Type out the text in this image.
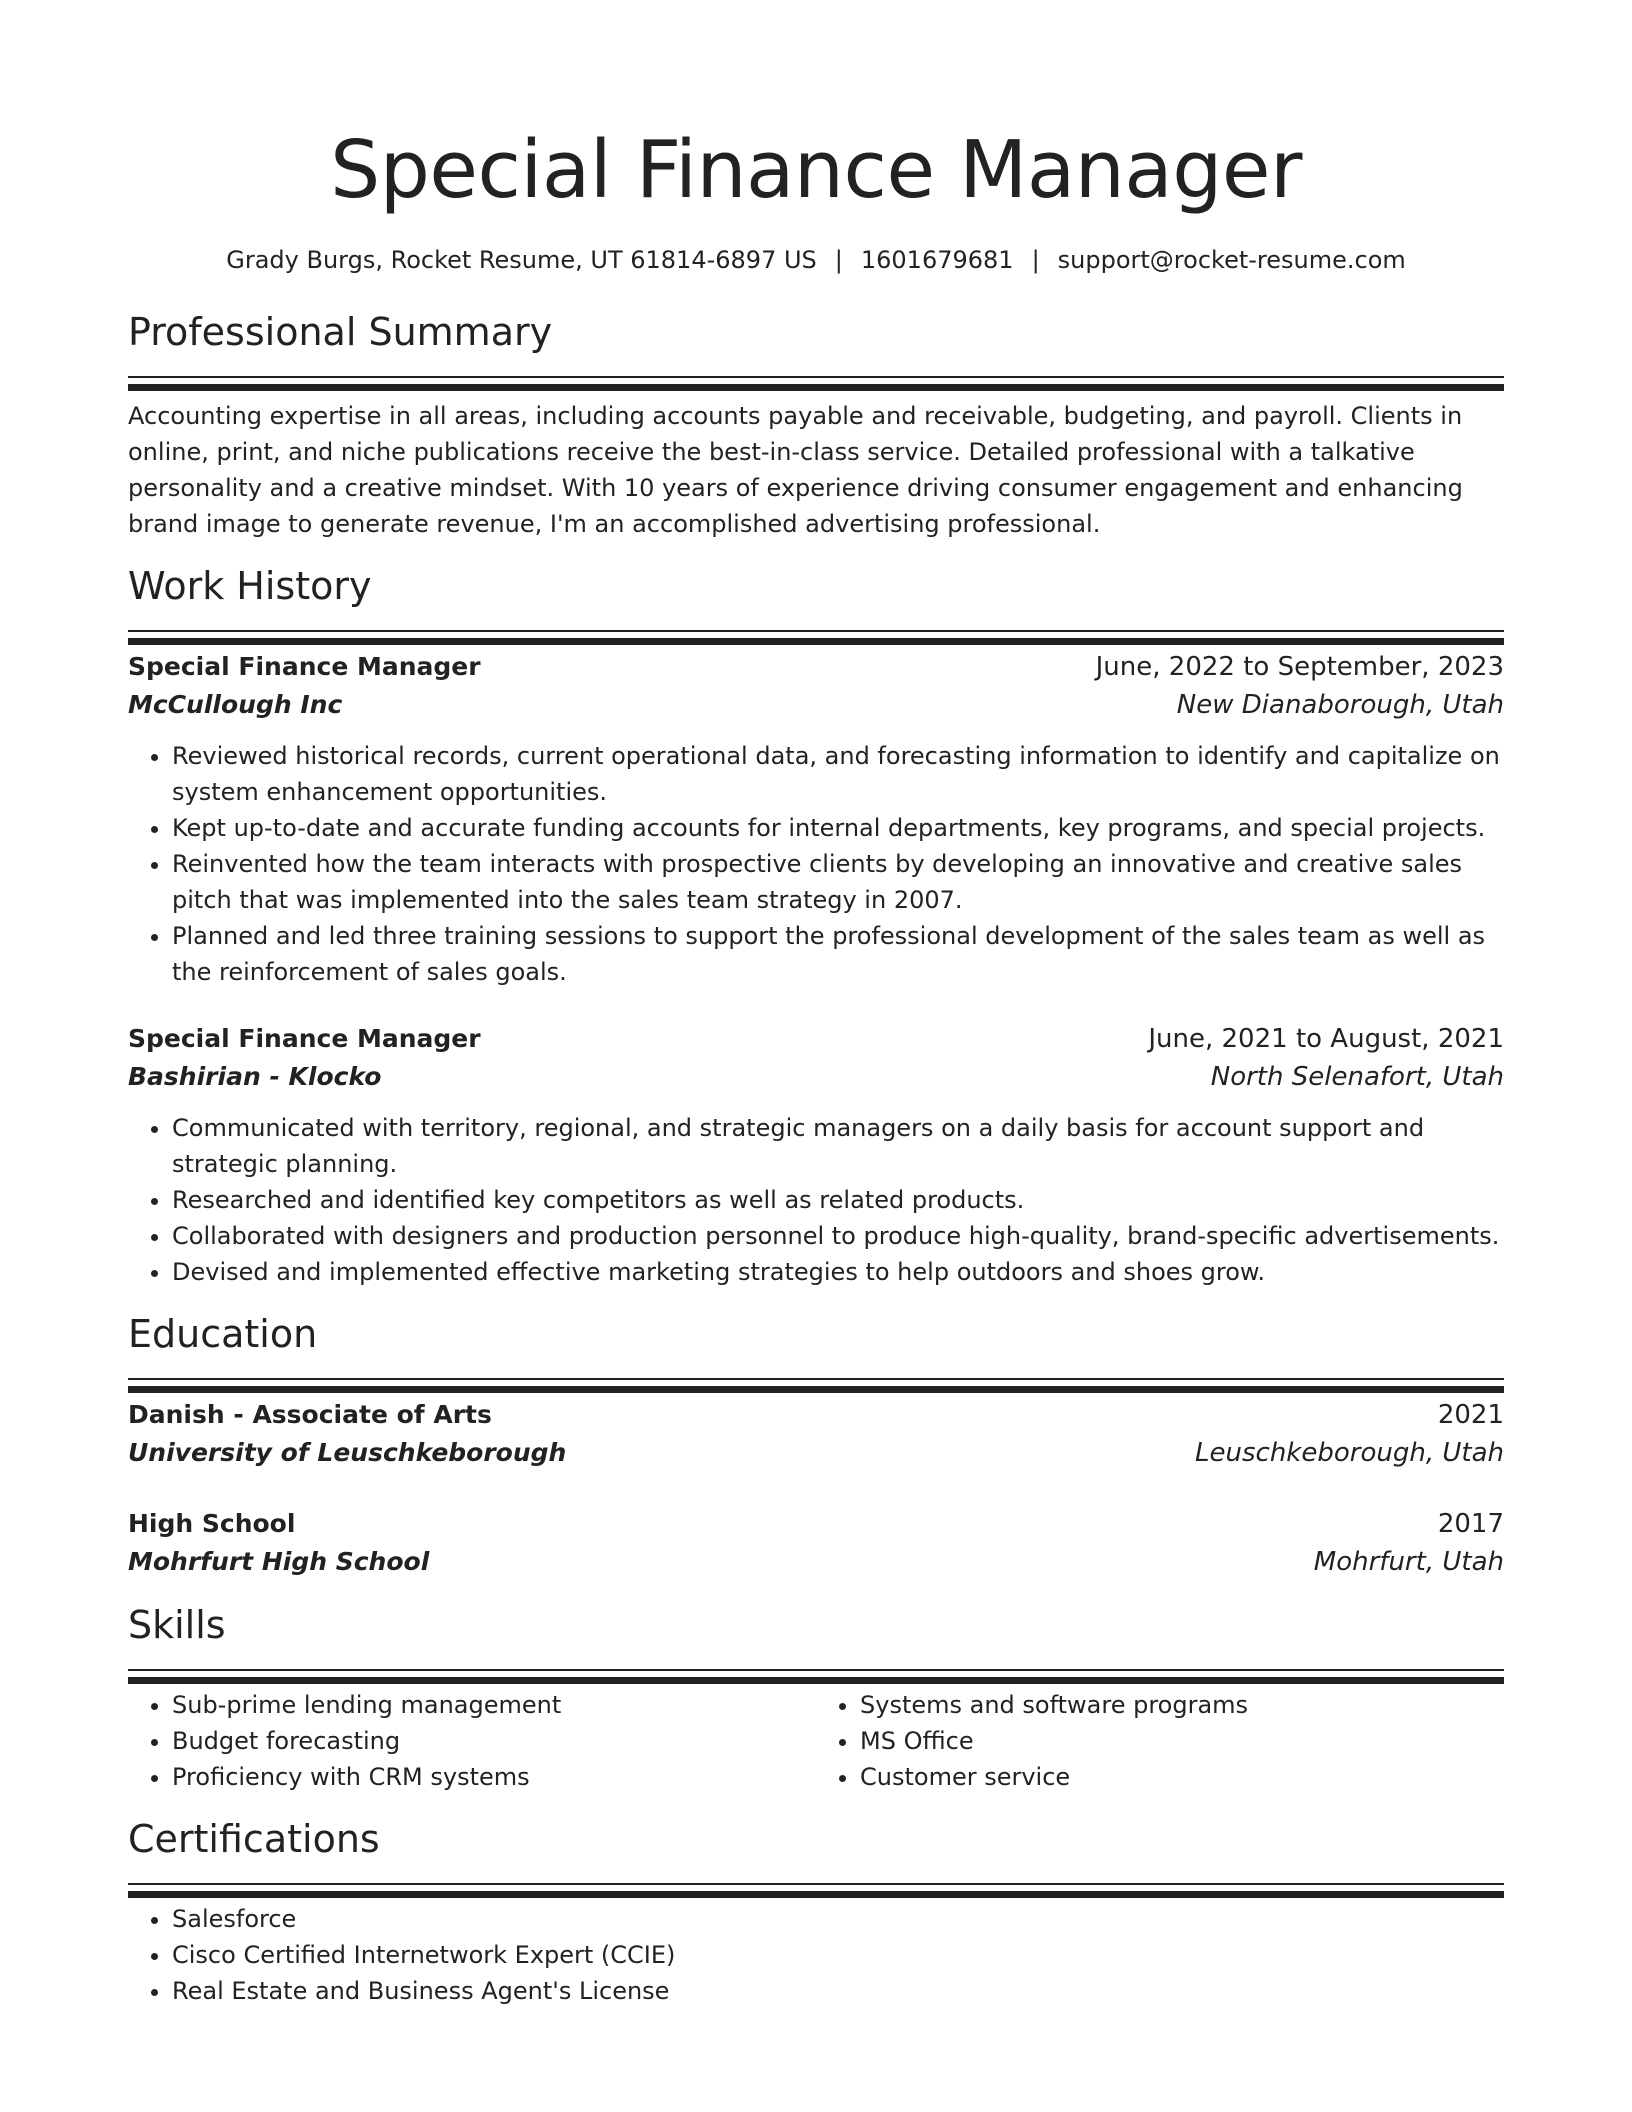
Special Finance Manager
Grady Burgs, Rocket Resume, UT 61814-6897 US | 1601679681 | support@rocket-resume.com
Professional Summary

Accounting expertise in all areas, including accounts payable and receivable, budgeting, and payroll. Clients in online, print, and niche publications receive the best-in-class service. Detailed professional with a talkative personality and a creative mindset. With 10 years of experience driving consumer engagement and enhancing brand image to generate revenue, I'm an accomplished advertising professional.

Work History
Special Finance Manager	June, 2022 to September, 2023
McCullough Inc	New Dianaborough, Utah
• Reviewed historical records, current operational data, and forecasting information to identify and capitalize on system enhancement opportunities.
• Kept up-to-date and accurate funding accounts for internal departments, key programs, and special projects.
• Reinvented how the team interacts with prospective clients by developing an innovative and creative sales pitch that was implemented into the sales team strategy in 2007.
• Planned and led three training sessions to support the professional development of the sales team as well as the reinforcement of sales goals.
Special Finance Manager	June, 2021 to August, 2021
Bashirian - Klocko	North Selenafort, Utah
• Communicated with territory, regional, and strategic managers on a daily basis for account support and strategic planning.
• Researched and identified key competitors as well as related products.
• Collaborated with designers and production personnel to produce high-quality, brand-specific advertisements.
• Devised and implemented effective marketing strategies to help outdoors and shoes grow.
Education
Danish - Associate of Arts	2021
University of Leuschkeborough	Leuschkeborough, Utah
High School	2017
Mohrfurt High School	Mohrfurt, Utah
Skills
• Sub-prime lending management
• Budget forecasting
• Proficiency with CRM systems
• Systems and software programs
• MS Office
• Customer service
Certifications
• Salesforce
• Cisco Certified Internetwork Expert (CCIE)
• Real Estate and Business Agent's License
